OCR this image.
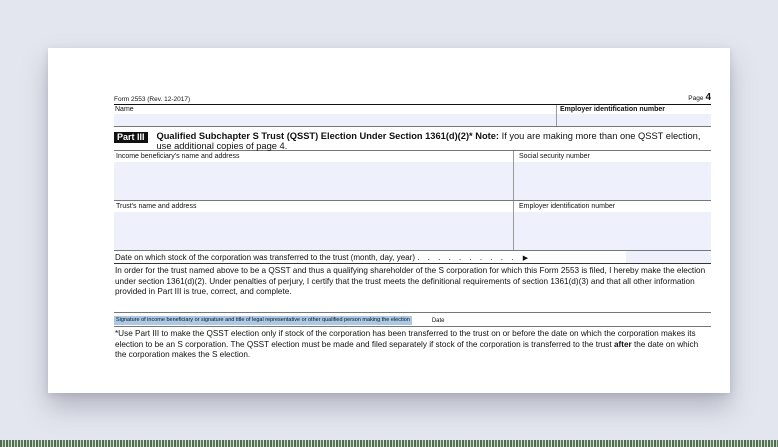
Form 2553 (Rev. 12-2017)	Page 4
Name	Employer identification number
Part III	Qualified Subchapter S Trust (QSST) Election Under Section 1361(d)(2)* Note: If you are making more than one QSST election, use additional copies of page 4.
Income beneficiary's name and address	Social security number
Trust's name and address	Employer identification number
Date on which stock of the corporation was transferred to the trust (month, day, year) . . . . . . . . . . ▶
In order for the trust named above to be a QSST and thus a qualifying shareholder of the S corporation for which this Form 2553 is filed, I hereby make the election under section 1361(d)(2). Under penalties of perjury, I certify that the trust meets the definitional requirements of section 1361(d)(3) and that all other information provided in Part III is true, correct, and complete.
Signature of income beneficiary or signature and title of legal representative or other qualified person making the election	Date
*Use Part III to make the QSST election only if stock of the corporation has been transferred to the trust on or before the date on which the corporation makes its election to be an S corporation. The QSST election must be made and filed separately if stock of the corporation is transferred to the trust after the date on which the corporation makes the S election.
